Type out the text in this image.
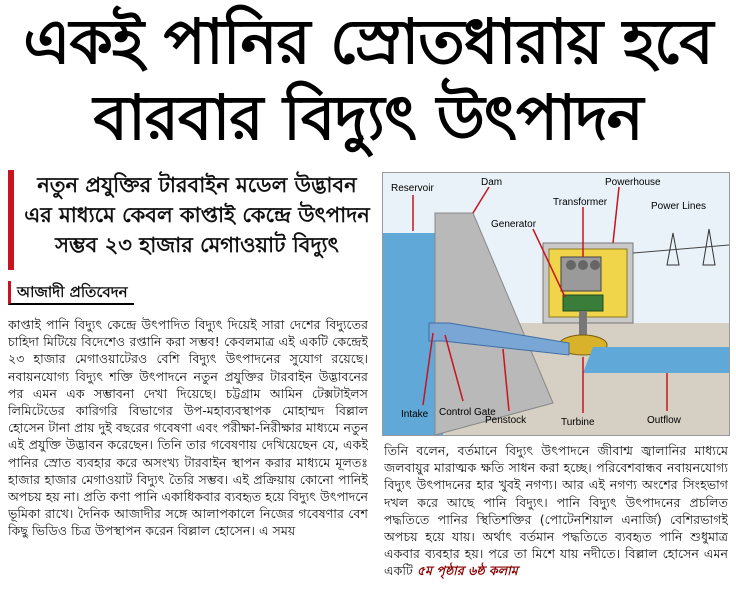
একই পানির স্রোতধারায় হবে
বারবার বিদ্যুৎ উৎপাদন
নতুন প্রযুক্তির টারবাইন মডেল উদ্ভাবন
এর মাধ্যমে কেবল কাপ্তাই কেন্দ্রে উৎপাদন
সম্ভব ২৩ হাজার মেগাওয়াট বিদ্যুৎ
আজাদী প্রতিবেদন

কাপ্তাই পানি বিদ্যুৎ কেন্দ্রে উৎপাদিত বিদ্যুৎ দিয়েই সারা দেশের বিদ্যুতের চাহিদা মিটিয়ে বিদেশেও রপ্তানি করা সম্ভব! কেবলমাত্র এই একটি কেন্দ্রেই ২৩ হাজার মেগাওয়াটেরও বেশি বিদ্যুৎ উৎপাদনের সুযোগ রয়েছে। নবায়নযোগ্য বিদ্যুৎ শক্তি উৎপাদনে নতুন প্রযুক্তির টারবাইন উদ্ভাবনের পর এমন এক সম্ভাবনা দেখা দিয়েছে। চট্টগ্রাম আমিন টেক্সটাইলস লিমিটেডের কারিগরি বিভাগের উপ-মহাব্যবস্থাপক মোহাম্মদ বিল্লাল হোসেন টানা প্রায় দুই বছরের গবেষণা এবং পরীক্ষা-নিরীক্ষার মাধ্যমে নতুন এই প্রযুক্তি উদ্ভাবন করেছেন। তিনি তার গবেষণায় দেখিয়েছেন যে, একই পানির স্রোত ব্যবহার করে অসংখ্য টারবাইন স্থাপন করার মাধ্যমে মূলতঃ হাজার হাজার মেগাওয়াট বিদ্যুৎ তৈরি সম্ভব। এই প্রক্রিয়ায় কোনো পানিই অপচয় হয় না। প্রতি কণা পানি একাধিকবার ব্যবহৃত হয়ে বিদ্যুৎ উৎপাদনে ভূমিকা রাখে। দৈনিক আজাদীর সঙ্গে আলাপকালে নিজের গবেষণার বেশ কিছু ভিডিও চিত্র উপস্থাপন করেন বিল্লাল হোসেন। এ সময়

Reservoir
Dam	Powerhouse
Transformer
Generator
Power Lines
Intake Control Gate
Penstock	Turbine	Outflow

তিনি বলেন, বর্তমানে বিদ্যুৎ উৎপাদনে জীবাশ্ম জ্বালানির মাধ্যমে জলবায়ুর মারাত্মক ক্ষতি সাধন করা হচ্ছে। পরিবেশবান্ধব নবায়নযোগ্য বিদ্যুৎ উৎপাদনের হার খুবই নগণ্য। আর এই নগণ্য অংশের সিংহভাগ দখল করে আছে পানি বিদ্যুৎ। পানি বিদ্যুৎ উৎপাদনের প্রচলিত পদ্ধতিতে পানির স্থিতিশক্তির (পোটেনশিয়াল এনার্জি) বেশিরভাগই অপচয় হয়ে যায়। অর্থাৎ বর্তমান পদ্ধতিতে ব্যবহৃত পানি শুধুমাত্র একবার ব্যবহার হয়। পরে তা মিশে যায় নদীতে। বিল্লাল হোসেন এমন একটি ৫ম পৃষ্ঠার ৬ষ্ঠ কলাম
